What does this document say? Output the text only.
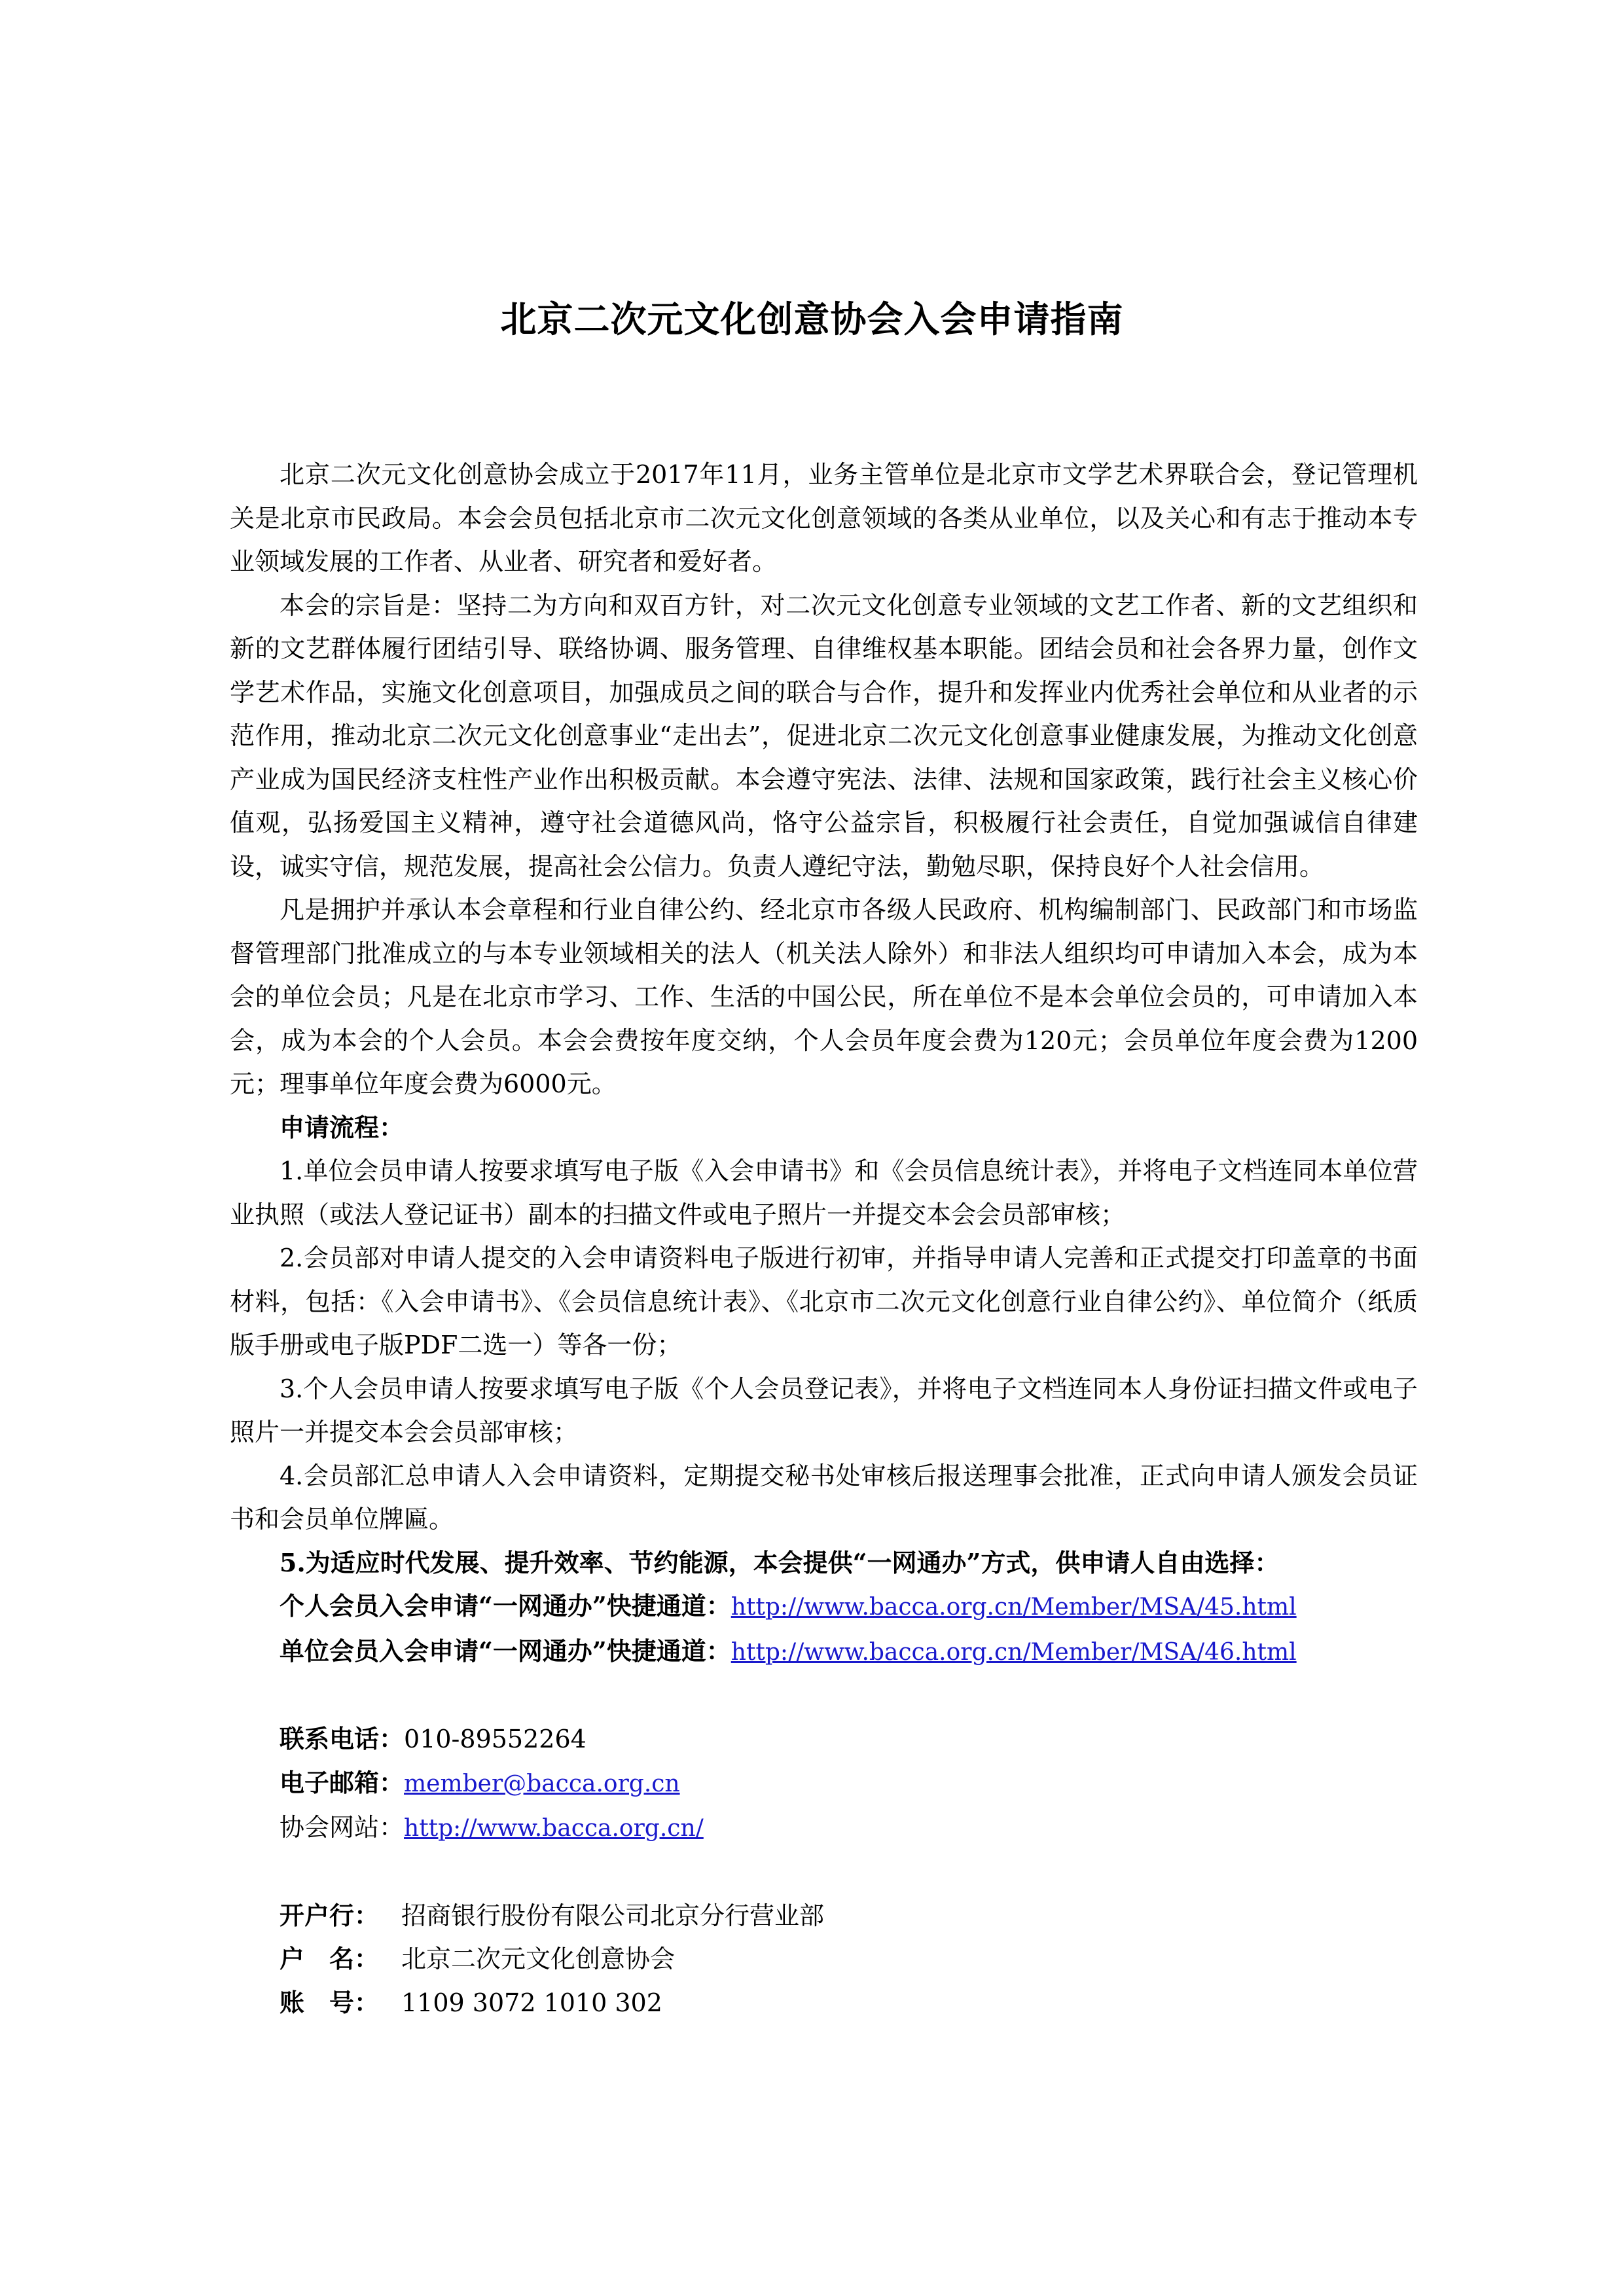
北京二次元文化创意协会入会申请指南

北京二次元文化创意协会成立于2017年11月，业务主管单位是北京市文学艺术界联合会，登记管理机关是北京市民政局。本会会员包括北京市二次元文化创意领域的各类从业单位，以及关心和有志于推动本专业领域发展的工作者、从业者、研究者和爱好者。

本会的宗旨是：坚持二为方向和双百方针，对二次元文化创意专业领域的文艺工作者、新的文艺组织和新的文艺群体履行团结引导、联络协调、服务管理、自律维权基本职能。团结会员和社会各界力量，创作文学艺术作品，实施文化创意项目，加强成员之间的联合与合作，提升和发挥业内优秀社会单位和从业者的示范作用，推动北京二次元文化创意事业“走出去”，促进北京二次元文化创意事业健康发展，为推动文化创意产业成为国民经济支柱性产业作出积极贡献。本会遵守宪法、法律、法规和国家政策，践行社会主义核心价值观，弘扬爱国主义精神，遵守社会道德风尚，恪守公益宗旨，积极履行社会责任，自觉加强诚信自律建设，诚实守信，规范发展，提高社会公信力。负责人遵纪守法，勤勉尽职，保持良好个人社会信用。

凡是拥护并承认本会章程和行业自律公约、经北京市各级人民政府、机构编制部门、民政部门和市场监督管理部门批准成立的与本专业领域相关的法人（机关法人除外）和非法人组织均可申请加入本会，成为本会的单位会员；凡是在北京市学习、工作、生活的中国公民，所在单位不是本会单位会员的，可申请加入本会，成为本会的个人会员。本会会费按年度交纳，个人会员年度会费为120元；会员单位年度会费为1200元；理事单位年度会费为6000元。

申请流程：

1.单位会员申请人按要求填写电子版《入会申请书》和《会员信息统计表》，并将电子文档连同本单位营业执照（或法人登记证书）副本的扫描文件或电子照片一并提交本会会员部审核；

2.会员部对申请人提交的入会申请资料电子版进行初审，并指导申请人完善和正式提交打印盖章的书面材料，包括：《入会申请书》、《会员信息统计表》、《北京市二次元文化创意行业自律公约》、单位简介（纸质版手册或电子版PDF二选一）等各一份；

3.个人会员申请人按要求填写电子版《个人会员登记表》，并将电子文档连同本人身份证扫描文件或电子照片一并提交本会会员部审核；

4.会员部汇总申请人入会申请资料，定期提交秘书处审核后报送理事会批准，正式向申请人颁发会员证书和会员单位牌匾。

5.为适应时代发展、提升效率、节约能源，本会提供“一网通办”方式，供申请人自由选择：

个人会员入会申请“一网通办”快捷通道：http://www.bacca.org.cn/Member/MSA/45.html
单位会员入会申请“一网通办”快捷通道：http://www.bacca.org.cn/Member/MSA/46.html
联系电话：010-89552264
电子邮箱：member@bacca.org.cn
协会网站：http://www.bacca.org.cn/
开户行： 招商银行股份有限公司北京分行营业部
户　名： 北京二次元文化创意协会
账　号： 1109 3072 1010 302
